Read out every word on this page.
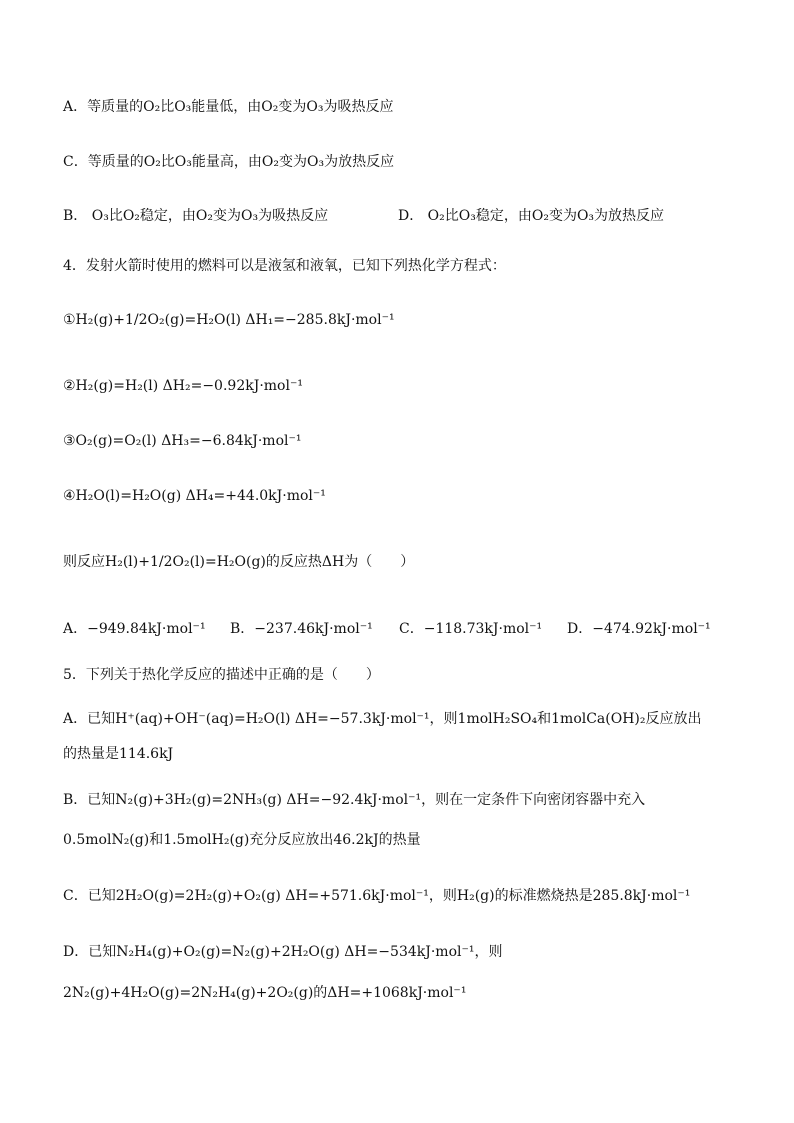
A．等质量的O₂比O₃能量低，由O₂变为O₃为吸热反应
C．等质量的O₂比O₃能量高，由O₂变为O₃为放热反应
B． O₃比O₂稳定，由O₂变为O₃为吸热反应	D． O₂比O₃稳定，由O₂变为O₃为放热反应
4．发射火箭时使用的燃料可以是液氢和液氧，已知下列热化学方程式：
①H₂(g)+1/2O₂(g)=H₂O(l) ΔH₁=−285.8kJ·mol⁻¹
②H₂(g)=H₂(l) ΔH₂=−0.92kJ·mol⁻¹
③O₂(g)=O₂(l) ΔH₃=−6.84kJ·mol⁻¹
④H₂O(l)=H₂O(g) ΔH₄=+44.0kJ·mol⁻¹
则反应H₂(l)+1/2O₂(l)=H₂O(g)的反应热ΔH为（　　）
A．−949.84kJ·mol⁻¹ B．−237.46kJ·mol⁻¹ C．−118.73kJ·mol⁻¹ D．−474.92kJ·mol⁻¹
5．下列关于热化学反应的描述中正确的是（　　）
A．已知H⁺(aq)+OH⁻(aq)=H₂O(l) ΔH=−57.3kJ·mol⁻¹，则1molH₂SO₄和1molCa(OH)₂反应放出
的热量是114.6kJ
B．已知N₂(g)+3H₂(g)=2NH₃(g) ΔH=−92.4kJ·mol⁻¹，则在一定条件下向密闭容器中充入
0.5molN₂(g)和1.5molH₂(g)充分反应放出46.2kJ的热量
C．已知2H₂O(g)=2H₂(g)+O₂(g) ΔH=+571.6kJ·mol⁻¹，则H₂(g)的标准燃烧热是285.8kJ·mol⁻¹
D．已知N₂H₄(g)+O₂(g)=N₂(g)+2H₂O(g) ΔH=−534kJ·mol⁻¹，则
2N₂(g)+4H₂O(g)=2N₂H₄(g)+2O₂(g)的ΔH=+1068kJ·mol⁻¹
